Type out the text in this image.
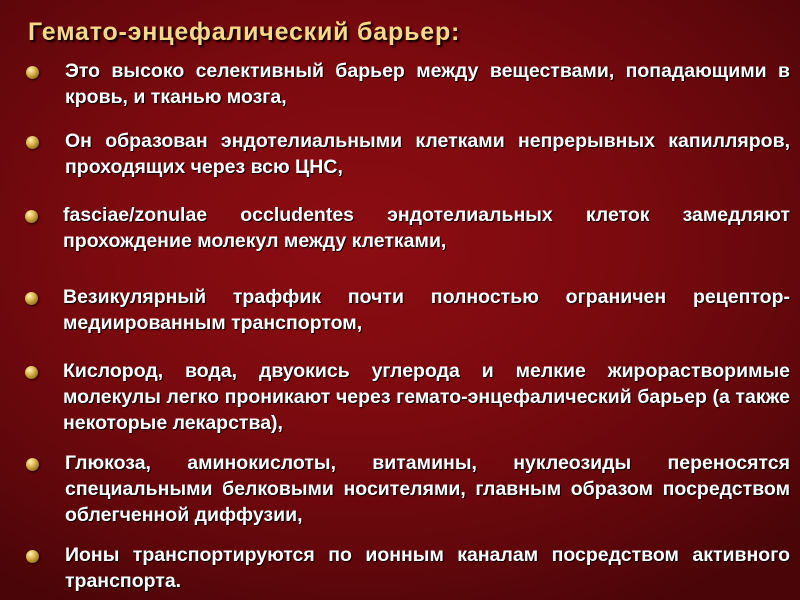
Гемато-энцефалический барьер:
Это высоко селективный барьер между веществами, попадающими в кровь, и тканью мозга,
Он образован эндотелиальными клетками непрерывных капилляров, проходящих через всю ЦНС,
fasciae/zonulae occludentes эндотелиальных клеток замедляют прохождение молекул между клетками,
Везикулярный траффик почти полностью ограничен рецептор-медиированным транспортом,
Кислород, вода, двуокись углерода и мелкие жирорастворимые молекулы легко проникают через гемато-энцефалический барьер (а также некоторые лекарства),
Глюкоза, аминокислоты, витамины, нуклеозиды переносятся специальными белковыми носителями, главным образом посредством облегченной диффузии,
Ионы транспортируются по ионным каналам посредством активного транспорта.
